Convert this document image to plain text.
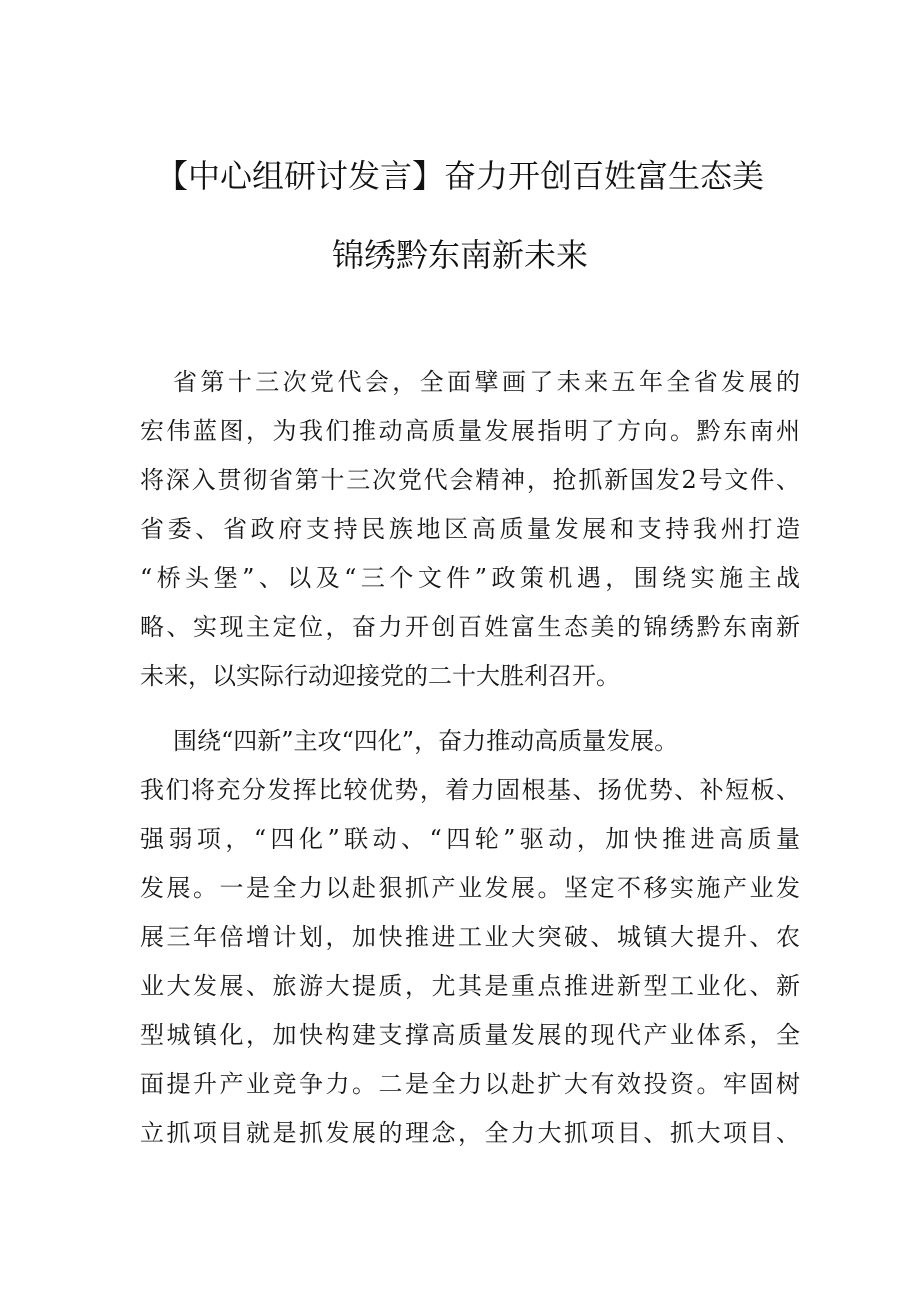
【中心组研讨发言】奋力开创百姓富生态美
锦绣黔东南新未来
省第十三次党代会，全面擘画了未来五年全省发展的
宏伟蓝图，为我们推动高质量发展指明了方向。黔东南州
将深入贯彻省第十三次党代会精神，抢抓新国发2号文件、
省委、省政府支持民族地区高质量发展和支持我州打造
“桥头堡”、以及“三个文件”政策机遇，围绕实施主战
略、实现主定位，奋力开创百姓富生态美的锦绣黔东南新
未来，以实际行动迎接党的二十大胜利召开。
围绕“四新”主攻“四化”，奋力推动高质量发展。
我们将充分发挥比较优势，着力固根基、扬优势、补短板、
强弱项，“四化”联动、“四轮”驱动，加快推进高质量
发展。一是全力以赴狠抓产业发展。坚定不移实施产业发
展三年倍增计划，加快推进工业大突破、城镇大提升、农
业大发展、旅游大提质，尤其是重点推进新型工业化、新
型城镇化，加快构建支撑高质量发展的现代产业体系，全
面提升产业竞争力。二是全力以赴扩大有效投资。牢固树
立抓项目就是抓发展的理念，全力大抓项目、抓大项目、
